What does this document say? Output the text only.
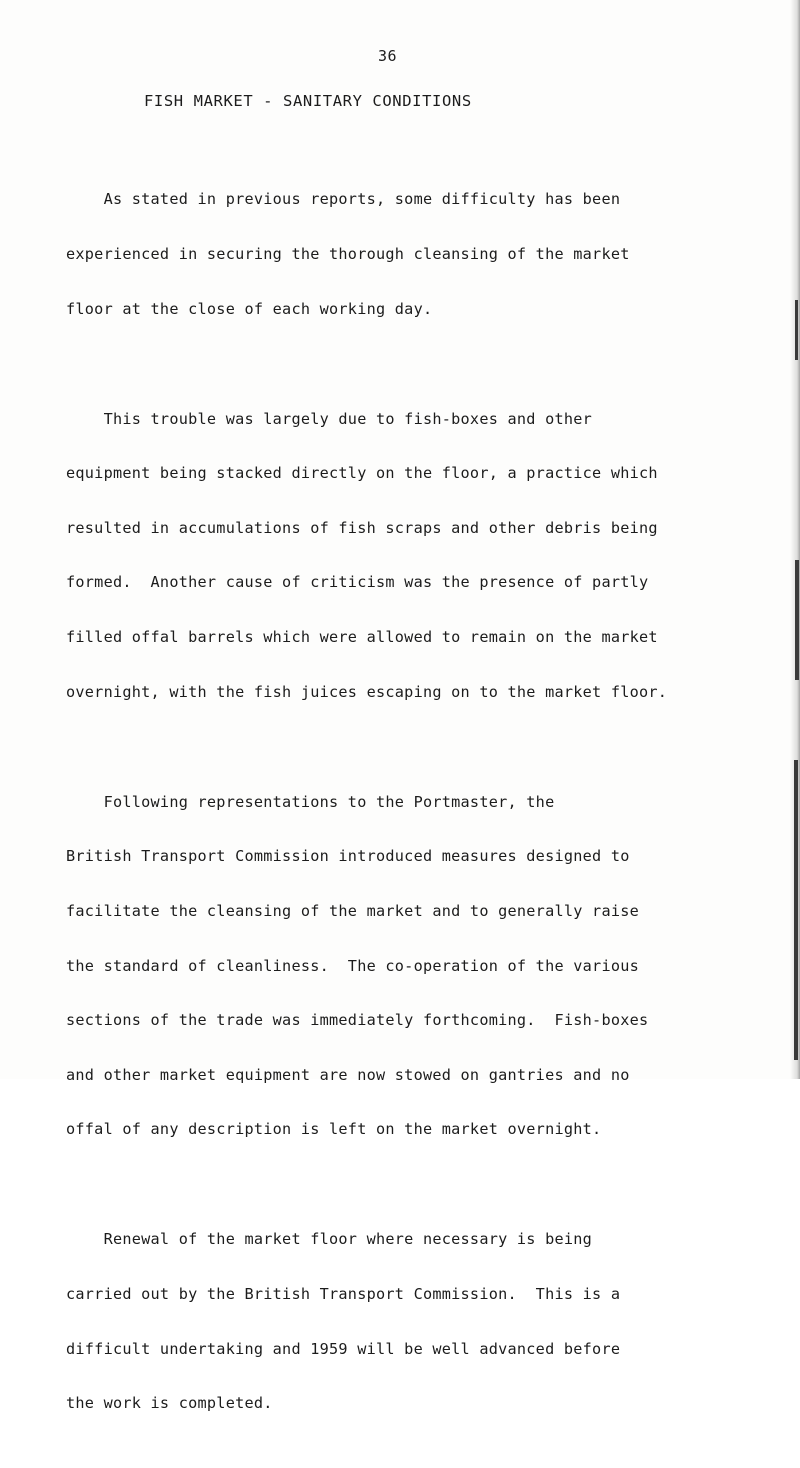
36
FISH MARKET - SANITARY CONDITIONS

As stated in previous reports, some difficulty has been

experienced in securing the thorough cleansing of the market

floor at the close of each working day.

This trouble was largely due to fish-boxes and other

equipment being stacked directly on the floor, a practice which

resulted in accumulations of fish scraps and other debris being

formed.  Another cause of criticism was the presence of partly

filled offal barrels which were allowed to remain on the market

overnight, with the fish juices escaping on to the market floor.

Following representations to the Portmaster, the

British Transport Commission introduced measures designed to

facilitate the cleansing of the market and to generally raise

the standard of cleanliness.  The co-operation of the various

sections of the trade was immediately forthcoming.  Fish-boxes

and other market equipment are now stowed on gantries and no

offal of any description is left on the market overnight.

Renewal of the market floor where necessary is being

carried out by the British Transport Commission.  This is a

difficult undertaking and 1959 will be well advanced before

the work is completed.
